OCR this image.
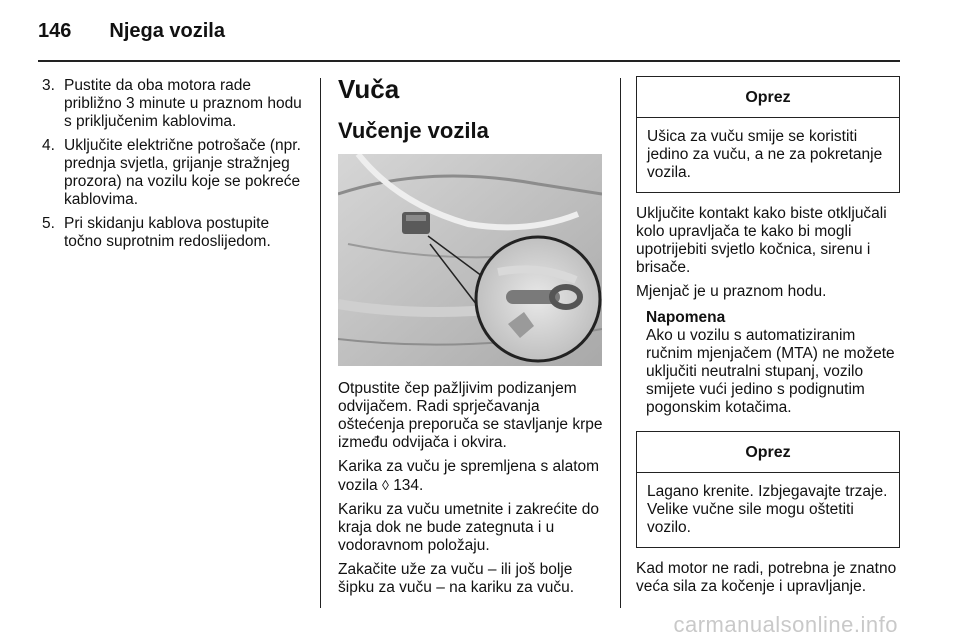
146 Njega vozila
3. Pustite da oba motora rade približno 3 minute u praznom hodu s priključenim kablovima.
4. Uključite električne potrošače (npr. prednja svjetla, grijanje stražnjeg prozora) na vozilu koje se pokreće kablovima.
5. Pri skidanju kablova postupite točno suprotnim redoslijedom.
Vuča
Vučenje vozila

Otpustite čep pažljivim podizanjem odvijačem. Radi sprječavanja oštećenja preporuča se stavljanje krpe između odvijača i okvira.

Karika za vuču je spremljena s alatom vozila ◊ 134.

Kariku za vuču umetnite i zakrećite do kraja dok ne bude zategnuta i u vodoravnom položaju.

Zakačite uže za vuču – ili još bolje šipku za vuču – na kariku za vuču.

Oprez
Ušica za vuču smije se koristiti jedino za vuču, a ne za pokretanje vozila.

Uključite kontakt kako biste otključali kolo upravljača te kako bi mogli upotrijebiti svjetlo kočnica, sirenu i brisače.

Mjenjač je u praznom hodu.

Napomena
Ako u vozilu s automatiziranim ručnim mjenjačem (MTA) ne možete uključiti neutralni stupanj, vozilo smijete vući jedino s podignutim pogonskim kotačima.
Oprez
Lagano krenite. Izbjegavajte trzaje. Velike vučne sile mogu oštetiti vozilo.

Kad motor ne radi, potrebna je znatno veća sila za kočenje i upravljanje.

carmanualsonline.info
